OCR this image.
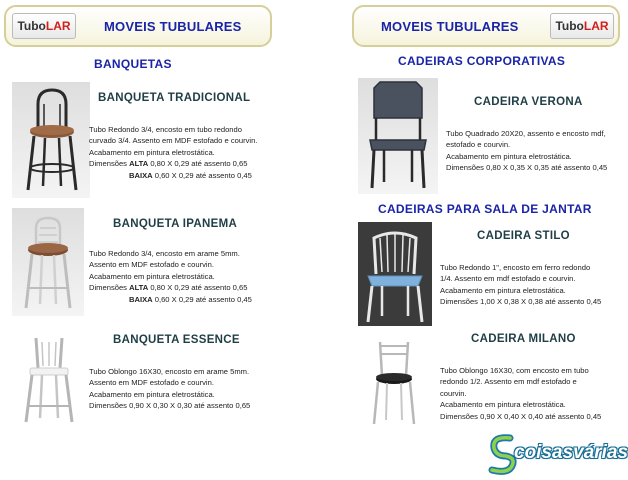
TuboLAR	MOVEIS TUBULARES	MOVEIS TUBULARES	TuboLAR
BANQUETAS	CADEIRAS CORPORATIVAS
CADEIRAS PARA SALA DE JANTAR
BANQUETA TRADICIONAL
Tubo Redondo 3/4, encosto em tubo redondo
curvado 3/4. Assento em MDF estofado e courvin.
Acabamento em pintura eletrostática.
Dimensões ALTA 0,80 X 0,29 até assento 0,65
BAIXA 0,60 X 0,29 até assento 0,45
BANQUETA IPANEMA
Tubo Redondo 3/4, encosto em arame 5mm.
Assento em MDF estofado e courvin.
Acabamento em pintura eletrostática.
Dimensões ALTA 0,80 X 0,29 até assento 0,65
BAIXA 0,60 X 0,29 até assento 0,45
BANQUETA ESSENCE
Tubo Oblongo 16X30, encosto em arame 5mm.
Assento em MDF estofado e courvin.
Acabamento em pintura eletrostática.
Dimensões 0,90 X 0,30 X 0,30 até assento 0,65
CADEIRA VERONA
Tubo Quadrado 20X20, assento e encosto mdf,
estofado e courvin.
Acabamento em pintura eletrostática.
Dimensões 0,80 X 0,35 X 0,35 até assento 0,45
CADEIRA STILO
Tubo Redondo 1", encosto em ferro redondo
1/4. Assento em mdf estofado e courvin.
Acabamento em pintura eletrostática.
Dimensões 1,00 X 0,38 X 0,38 até assento 0,45
CADEIRA MILANO
Tubo Oblongo 16X30, com encosto em tubo
redondo 1/2. Assento em mdf estofado e
courvin.
Acabamento em pintura eletrostática.
Dimensões 0,90 X 0,40 X 0,40 até assento 0,45
coisasvárias
